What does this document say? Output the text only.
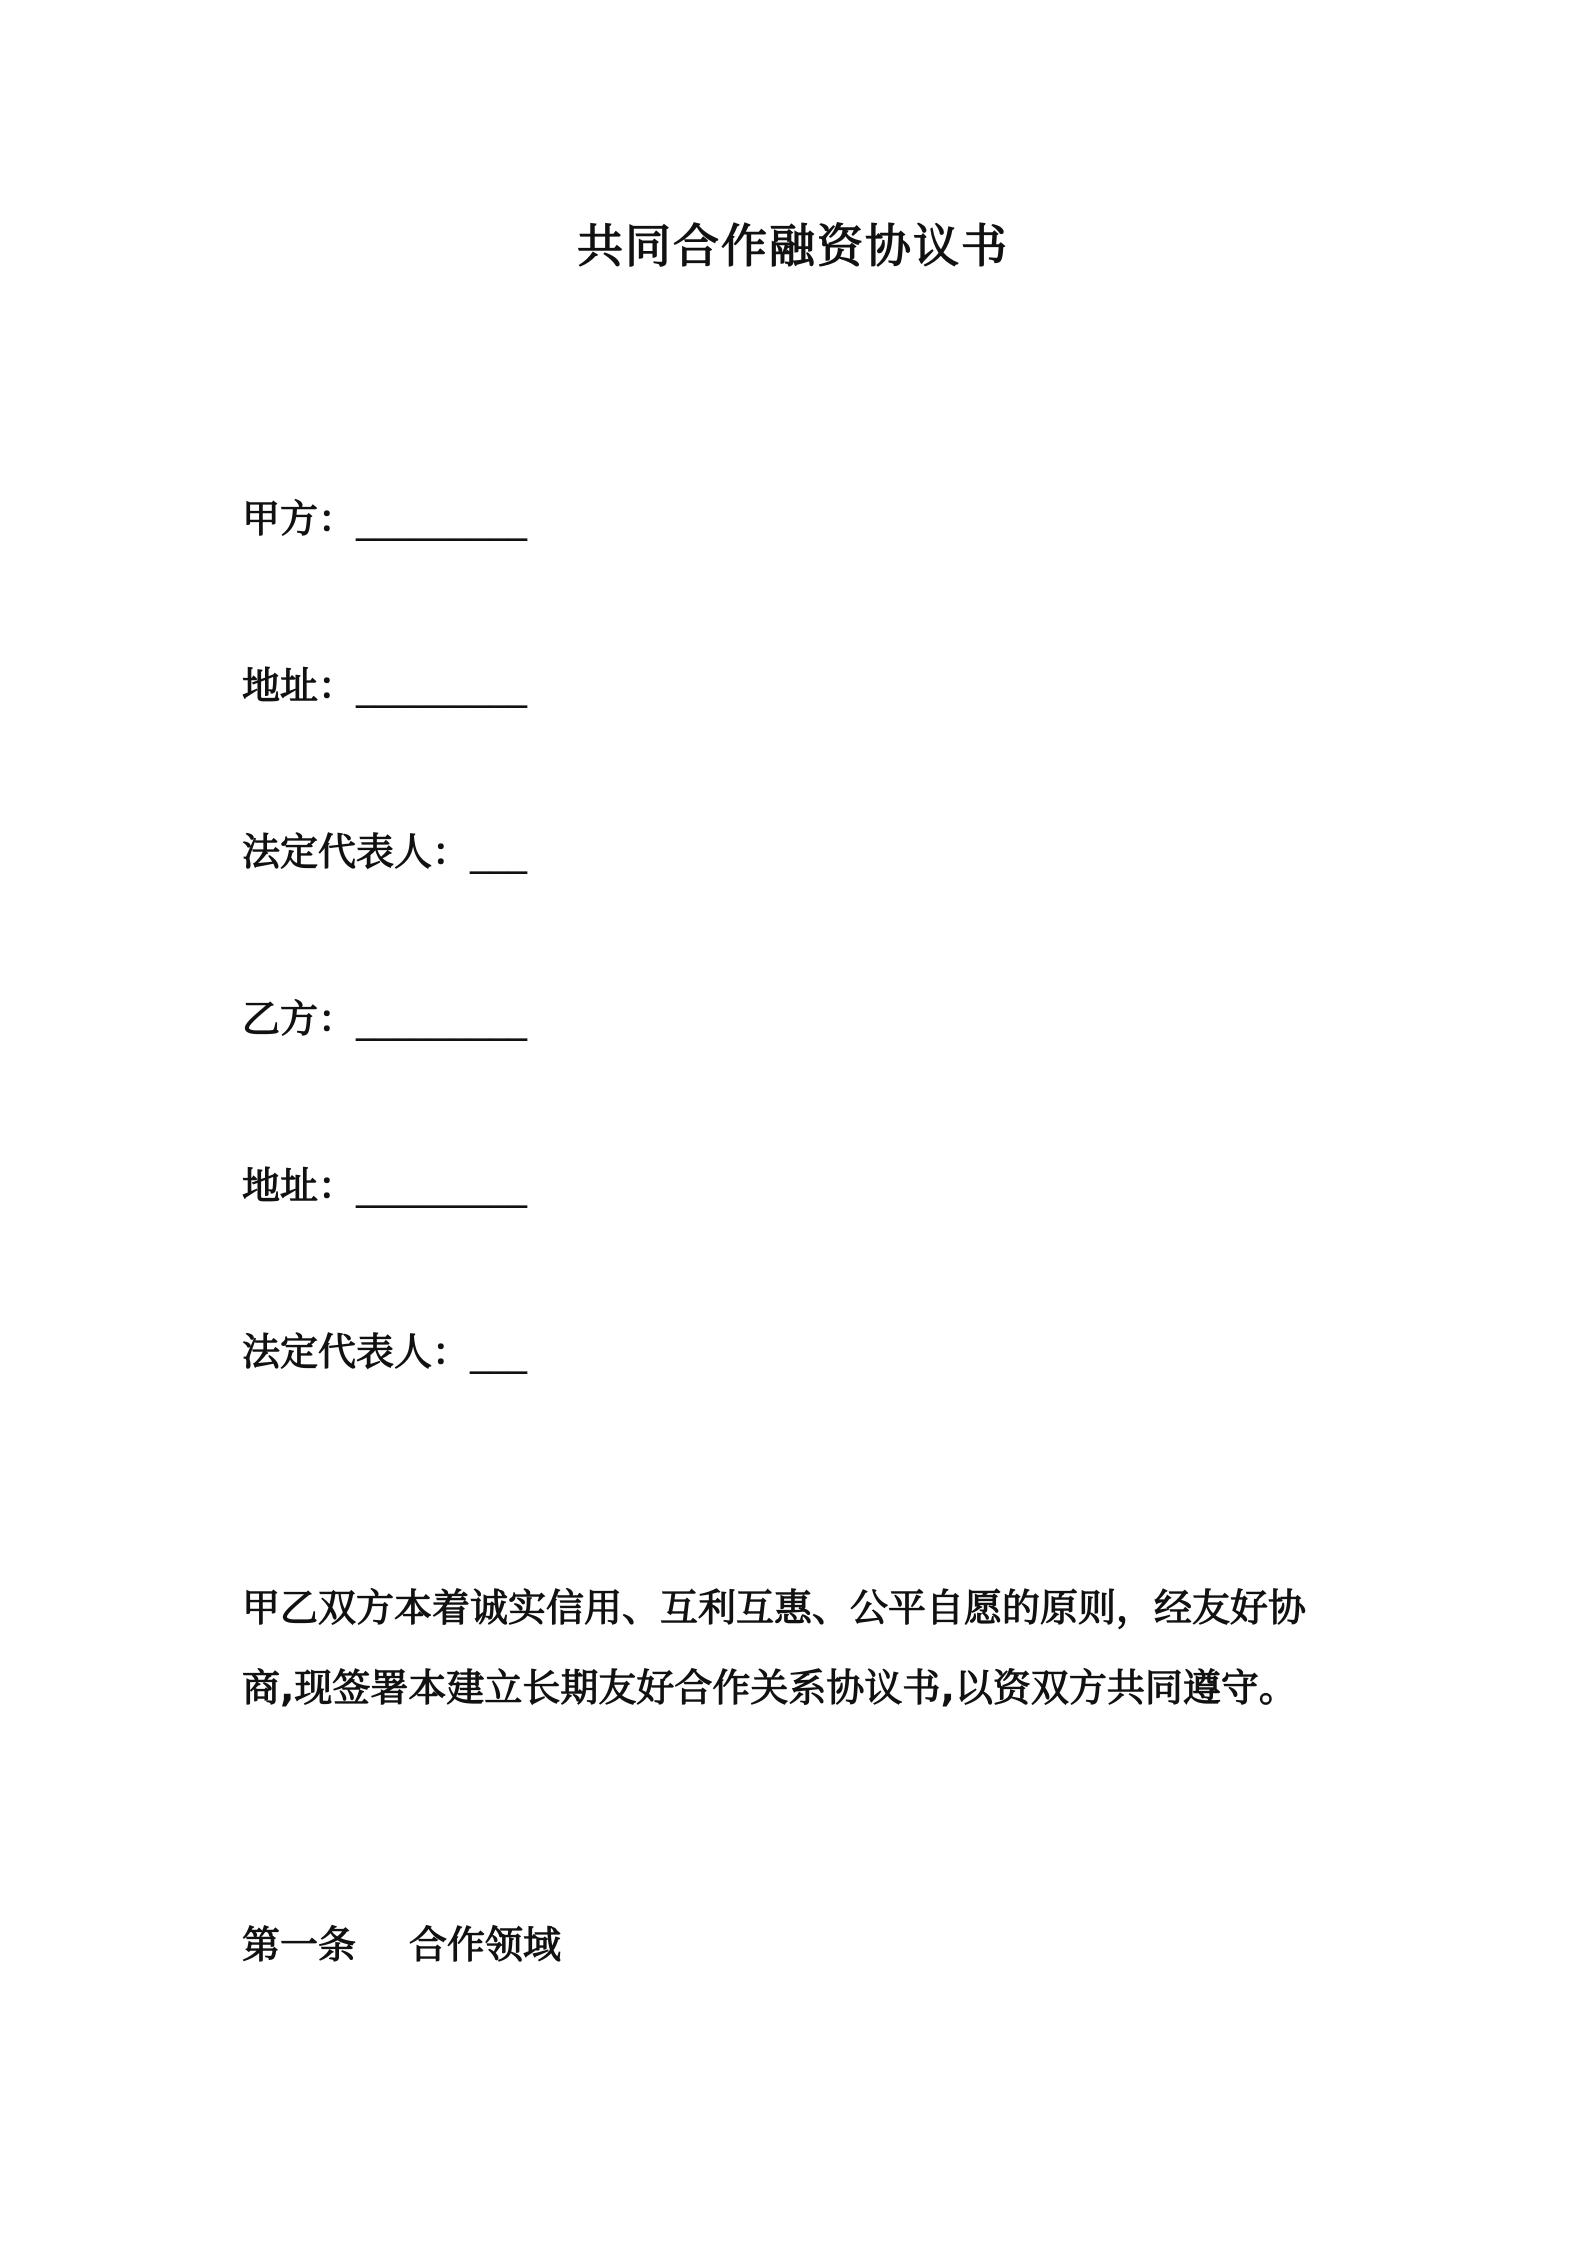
共同合作融资协议书
甲方：_________
地址：_________
法定代表人：___
乙方：_________
地址：_________
法定代表人：___
甲乙双方本着诚实信用、互利互惠、公平自愿的原则，经友好协
商,现签署本建立长期友好合作关系协议书,以资双方共同遵守。
第一条 合作领域
